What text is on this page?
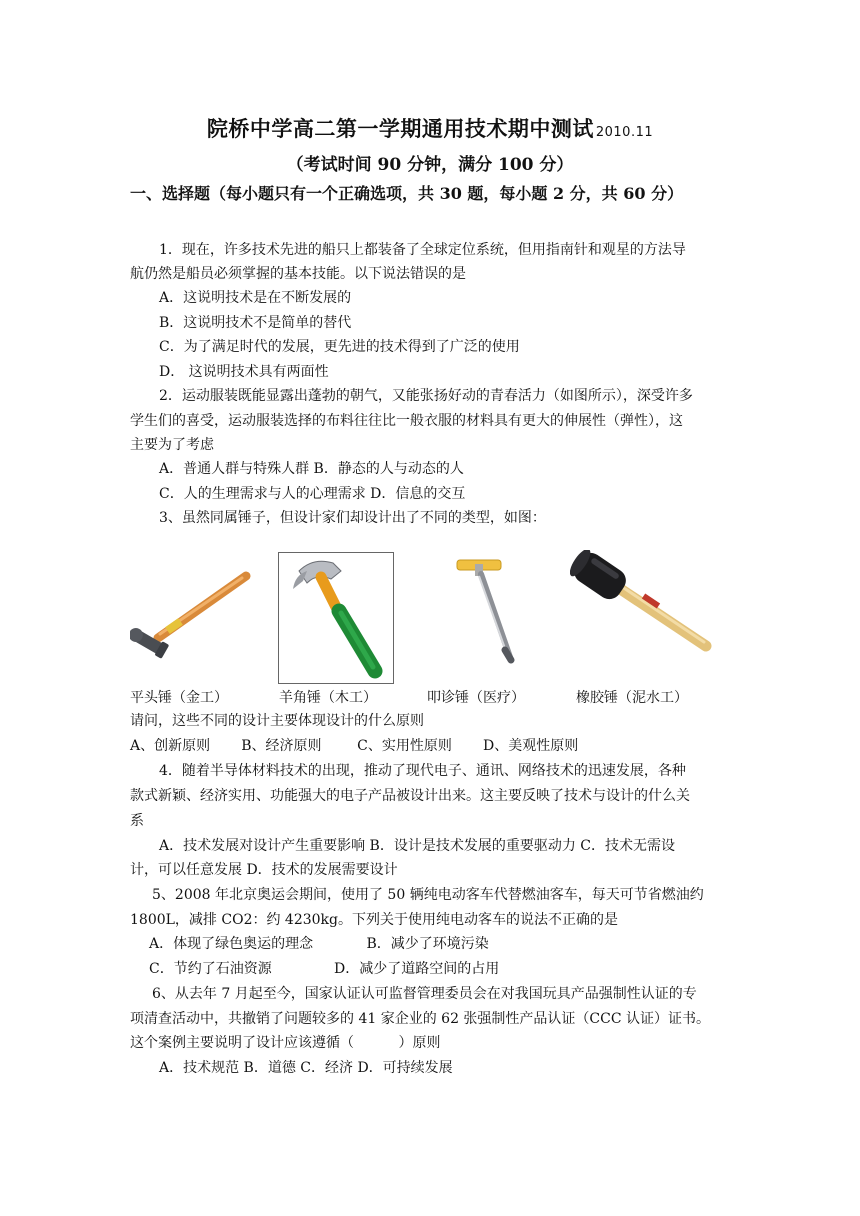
院桥中学高二第一学期通用技术期中测试 2010.11
（考试时间 90 分钟，满分 100 分）
一、选择题（每小题只有一个正确选项，共 30 题，每小题 2 分，共 60 分）
1．现在，许多技术先进的船只上都装备了全球定位系统，但用指南针和观星的方法导
航仍然是船员必须掌握的基本技能。以下说法错误的是
A．这说明技术是在不断发展的
B．这说明技术不是简单的替代
C．为了满足时代的发展，更先进的技术得到了广泛的使用
D． 这说明技术具有两面性
2．运动服装既能显露出蓬勃的朝气，又能张扬好动的青春活力（如图所示），深受许多
学生们的喜受，运动服装选择的布料往往比一般衣服的材料具有更大的伸展性（弹性），这
主要为了考虑
A．普通人群与特殊人群 B．静态的人与动态的人
C．人的生理需求与人的心理需求 D．信息的交互
3、虽然同属锤子，但设计家们却设计出了不同的类型，如图：
平头锤（金工）	羊角锤（木工）	叩诊锤（医疗）	橡胶锤（泥水工）
请问，这些不同的设计主要体现设计的什么原则
A、创新原则       B、经济原则        C、实用性原则       D、美观性原则
4．随着半导体材料技术的出现，推动了现代电子、通讯、网络技术的迅速发展，各种
款式新颖、经济实用、功能强大的电子产品被设计出来。这主要反映了技术与设计的什么关
系
A．技术发展对设计产生重要影响 B．设计是技术发展的重要驱动力 C．技术无需设
计，可以任意发展 D．技术的发展需要设计
5、2008 年北京奥运会期间，使用了 50 辆纯电动客车代替燃油客车，每天可节省燃油约
1800L，减排 CO2：约 4230kg。下列关于使用纯电动客车的说法不正确的是
A．体现了绿色奥运的理念            B．减少了环境污染
C．节约了石油资源              D．减少了道路空间的占用
6、从去年 7 月起至今，国家认证认可监督管理委员会在对我国玩具产品强制性认证的专
项清查活动中，共撤销了问题较多的 41 家企业的 62 张强制性产品认证（CCC 认证）证书。
这个案例主要说明了设计应该遵循（          ）原则
A．技术规范 B．道德 C．经济 D．可持续发展
